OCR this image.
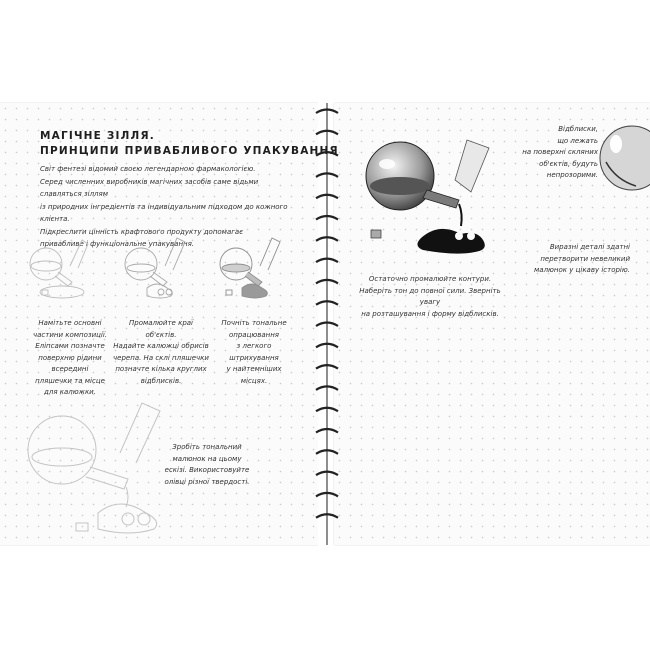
МАГІЧНЕ ЗІЛЛЯ.
ПРИНЦИПИ ПРИВАБЛИВОГО УПАКУВАННЯ
Світ фентезі відомий своєю легендарною фармакологією.
Серед численних виробників магічних засобів саме відьми славляться зіллям
із природних інгредієнтів та індивідуальним підходом до кожного клієнта.
Підкреслити цінність крафтового продукту допомагає
привабливе і функціональне упакування.
Намітьте основні
частини композиції.
Еліпсами позначте
поверхню рідини всередині
пляшечки та місце
для калюжки.
Промалюйте краї об'єктів.
Надайте калюжці обрисів
черепа. На склі пляшечки
позначте кілька круглих
відблисків.
Почніть тональне
опрацювання
з легкого
штрихування
у найтемніших
місцях.
Зробіть тональний
малюнок на цьому
ескізі. Використовуйте
олівці різної твердості.
Відблиски,
що лежать
на поверхні скляних
об'єктів, будуть
непрозорими.
Виразні деталі здатні
перетворити невеликий
малюнок у цікаву історію.
Остаточно промалюйте контури.
Наберіть тон до повної сили. Зверніть увагу
на розташування і форму відблисків.
